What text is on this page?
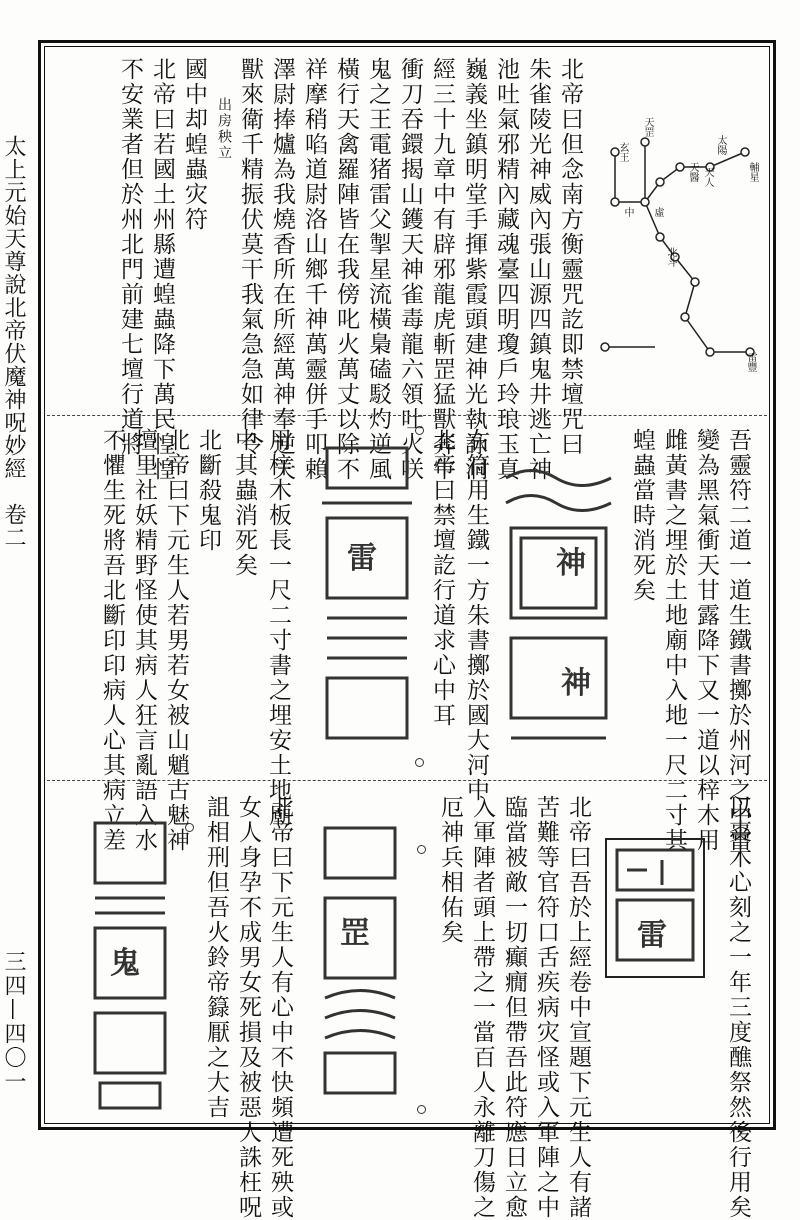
太上元始天尊說北帝伏魔神呪妙經　卷二
三四—四〇一
天罡
太陽
輔星
天醫
玄王
雷豐
北斗
天人
中 虛
北帝曰但念南方衡靈咒訖即禁壇咒曰
朱雀陵光神威內張山源四鎮鬼井逃亡神
池吐氣邪精內藏魂臺四明瓊戶玲琅玉真
巍義坐鎮明堂手揮紫霞頭建神光執詠洞
經三十九章中有辟邪龍虎斬罡猛獸奔牛
衝刀吞鐶揭山鑊天神雀毒龍六領吐火咲
鬼之王電猪雷父掣星流橫梟磕駁灼逆風
橫行天禽羅陣皆在我傍叱火萬丈以除不
祥摩稍啗道尉洛山鄉千神萬靈併手叩賴
澤尉捧爐為我燒香所在所經萬神奉逆天
獸來衛千精振伏莫干我氣急急如律令
出房秧立
國中却蝗蟲灾符
北帝曰若國土州縣遭蝗蟲降下萬民惶惶
不安業者但於州北門前建七壇行道將
吾靈符二道一道生鐵書擲於州河之中當
變為黑氣衝天甘露降下又一道以梓木用
雌黃書之埋於土地廟中入地一尺二寸其
蝗蟲當時消死矣
神
神
右符用生鐵一方朱書擲於國大河中
北帝曰禁壇訖行道求心中耳
雷
用梓木板長一尺二寸書之埋安土地廟
中其蟲消死矣
北斷殺鬼印
北帝曰下元生人若男若女被山魈古魅神
壇里社妖精野怪使其病人狂言亂語入水
不懼生死將吾北斷印印病人心其病立差
以棗木心刻之一年三度醮祭然後行用矣
雷
北帝曰吾於上經卷中宣題下元生人有諸
苦難等官符口舌疾病灾怪或入軍陣之中
臨當被敵一切癲癇但帶吾此符應日立愈
入軍陣者頭上帶之一當百人永離刀傷之
厄神兵相佑矣
罡
北帝曰下元生人有心中不快頻遭死殃或
女人身孕不成男女死損及被惡人誅枉呪
詛相刑但吾火鈴帝籙厭之大吉
鬼
